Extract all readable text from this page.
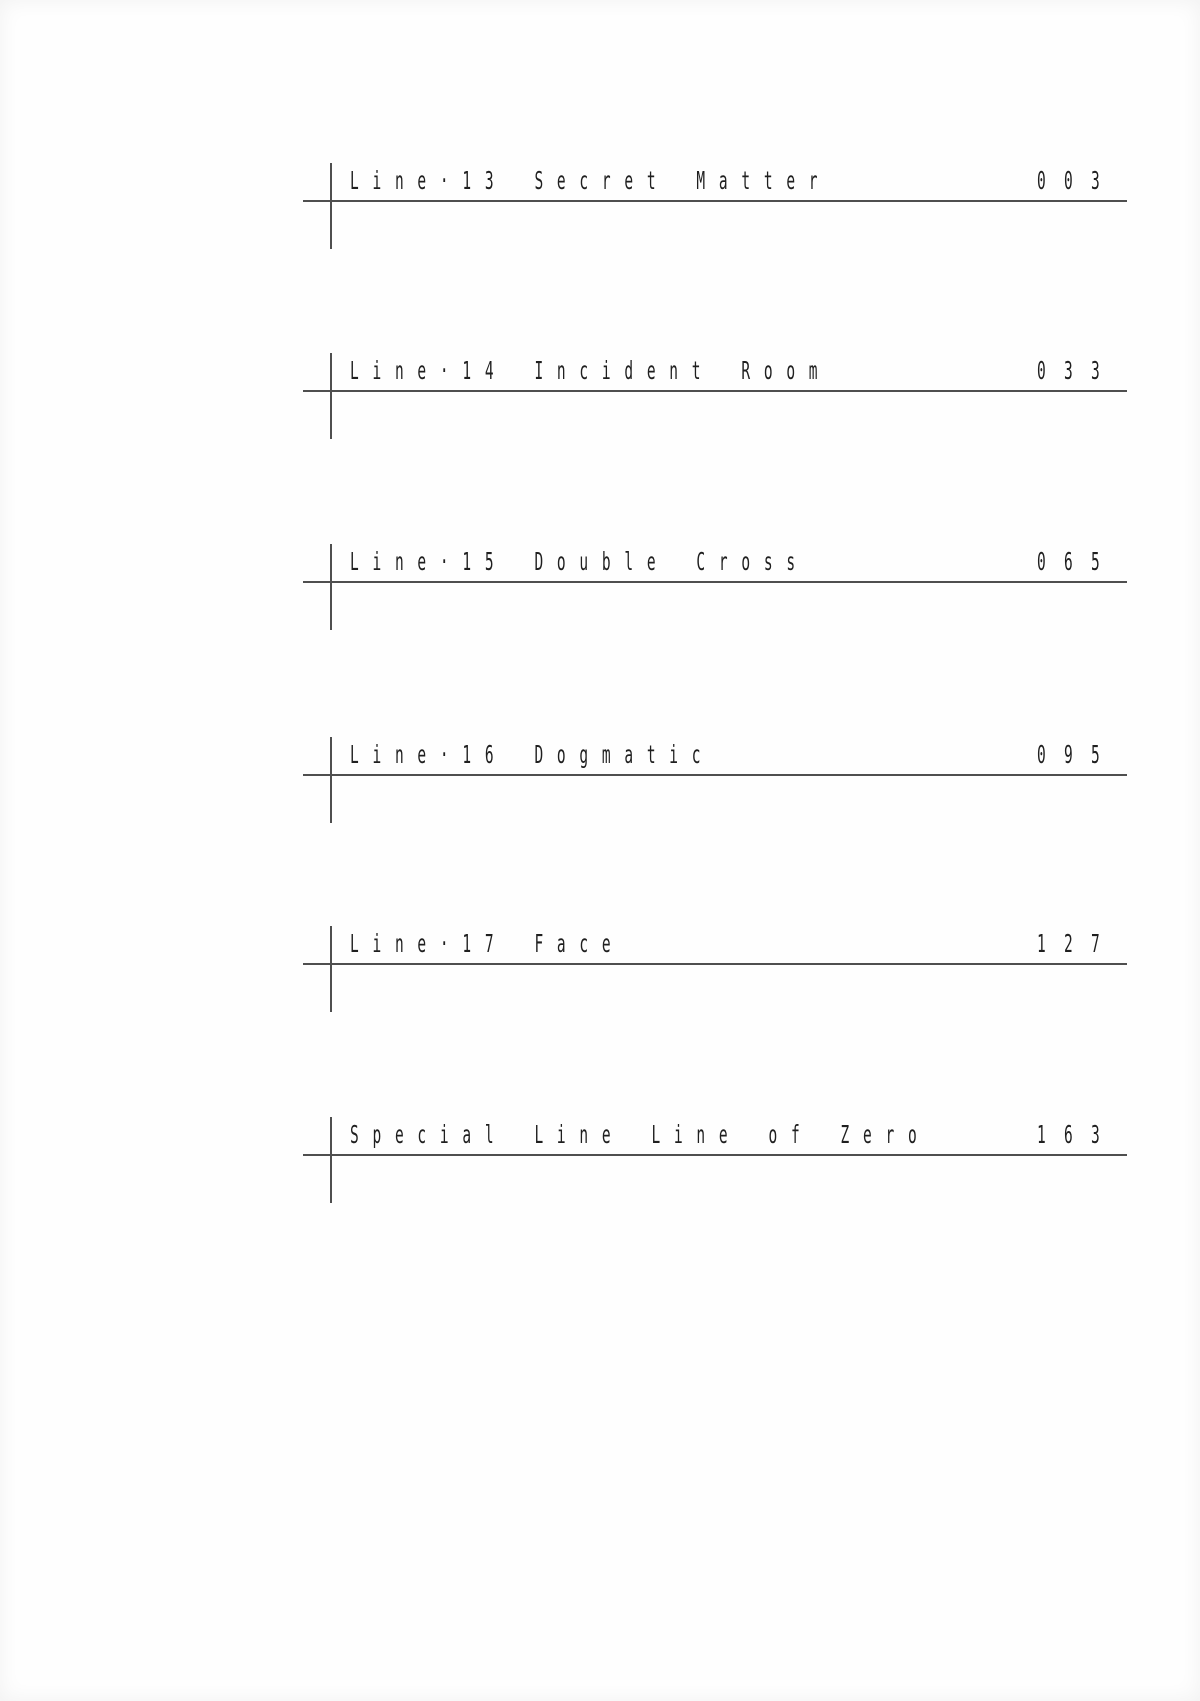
Line·13 Secret Matter	003
Line·14 Incident Room	033
Line·15 Double Cross	065
Line·16 Dogmatic	095
Line·17 Face	127
Special Line Line of Zero	163
